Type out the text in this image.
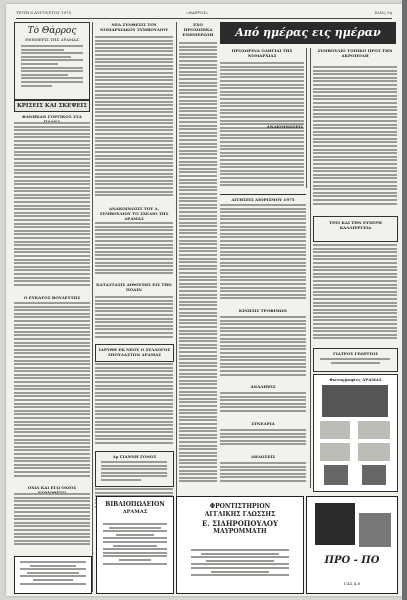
ΤΡΙΤΗ 6 ΑΥΓΟΥΣΤΟΥ 1975	«ΘΑΡΡΟΣ»	Σελίς 3η
Τὸ Θάρρος
ΕΦΗΜΕΡΙΣ ΤΗΣ ΔΡΑΜΑΣ
ΚΡΙΣΕΙΣ ΚΑΙ ΣΚΕΨΕΙΣ
ΦΑΝΗΚΑΝ ΓΟΡΓΙΚΟΣ ΣΤΑ
Ο ΕΥΚΑΤΟΣ ΒΟΥΛΕΥΤΗΣ
ΟΧΙΑ ΚΑΙ ΕΓΩ ΟΧΙΟΣ
ΝΕΑ ΣΥΝΘΕΣΙΣ ΤΟΥ ΝΟΜΑΡΧΙΑΚΟΥ ΣΥΜΒΟΥΛΙΟΥ
ΑΝΑΚΟΙΝΩΣΙΣ ΤΟΥ Δ. ΣΥΜΒΟΥΛΙΟΥ ΤΟ ΣΧΕΔΙΟ ΤΗΣ ΔΡΑΜΑΣ
ΚΑΤΑΣΤΑΣΙΣ ΑΙΘΟΥΣΗΣ ΕΙΣ ΤΗΝ ΠΟΛΙΝ
ΙΔΡΥΘΗ ΕΚ ΝΕΟΥ Ο ΣΥΛΛΟΓΟΣ ΣΠΟΥΔΑΣΤΩΝ ΔΡΑΜΑΣ
Δρ ΓΙΑΝΝΗ ΓΟΝΟΣ
ΕΧΟ ΠΡΟΣΩΠΙΚΑ ΕΝΗΜΕΡΩΣΗ	Από ημέρας εις ημέραν
ΠΡΟΣΩΡΙΝΑ ΟΔΗΓΙΑΙ ΤΗΣ ΝΟΜΑΡΧΙΑΣ
ΑΝΑΚΟΙΝΩΣΕΙΣ
ΑΙΤΗΣΕΙΣ ΔΙΟΡΙΣΜΟΥ 1975
ΚΙΝΗΣΙΣ ΤΡΟΦΙΜΩΝ
ΑΝΑΛΗΨΙΣ
ΣΥΝΕΔΡΙΑ
ΔΗΛΩΣΕΙΣ
ΣΥΜΒΟΥΛΙΟ ΤΟΠΙΚΟ ΠΡΟΣ ΤΗΝ ΑΚΡΟΠΟΛΗ
ΤΡΕΙ ΚΑΙ ΤΗΝ ΕΥΧΕΡΗ ΚΑΛΛΙΕΡΓΕΙΑ
ΓΙΑΤΡΟΣ ΓΕΩΡΓΙΟΣ
Φωτογραφίες ΔΡΑΜΑΣ
ΒΙΒΛΙΟΠΩΛΕΙΟΝ
ΔΡΑΜΑΣ
ΦΡΟΝΤΙΣΤΗΡΙΟΝ
ΑΓΓΛΙΚΗΣ ΓΛΩΣΣΗΣ
Ε. ΣΙΔΗΡΟΠΟΥΛΟΥ
ΜΑΥΡΟΜΜΑΤΗ
ΠΡΟ - ΠΟ
ΓΑΣ 4.8
